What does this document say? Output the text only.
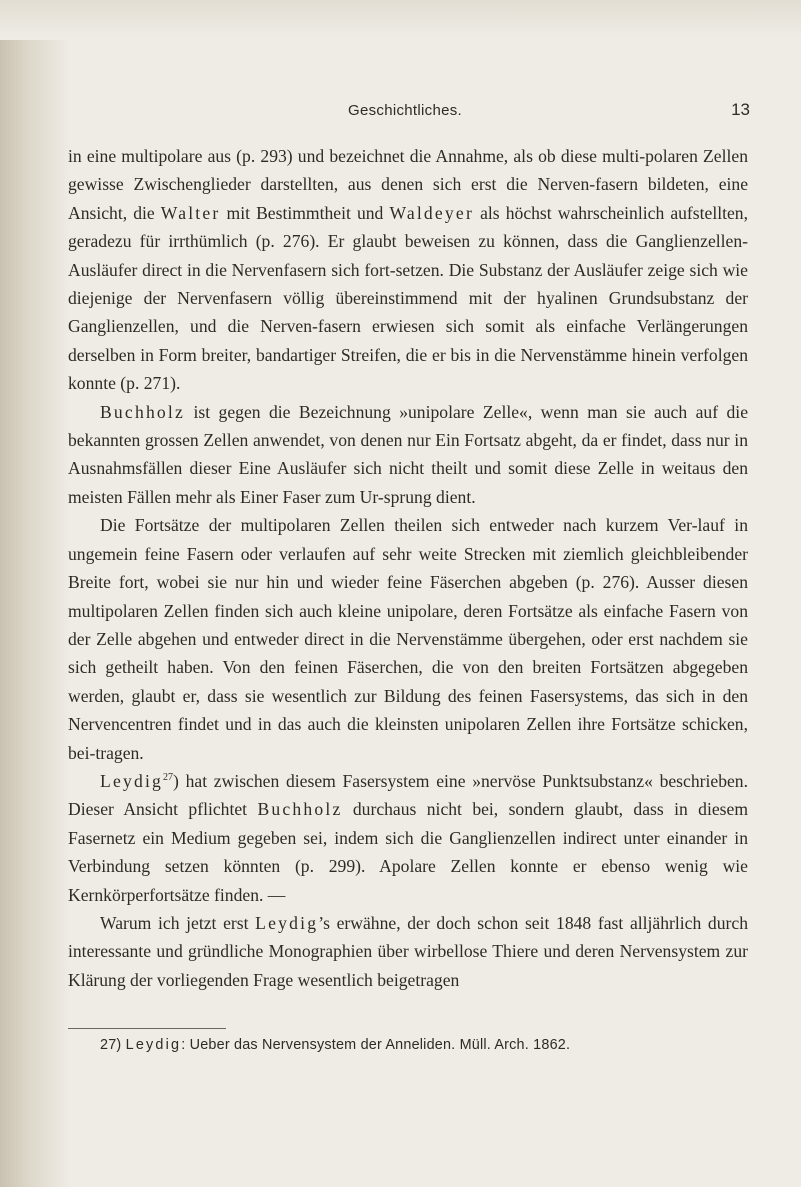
Geschichtliches.	13

in eine multipolare aus (p. 293) und bezeichnet die Annahme, als ob diese multi-polaren Zellen gewisse Zwischenglieder darstellten, aus denen sich erst die Nerven-fasern bildeten, eine Ansicht, die Walter mit Bestimmtheit und Waldeyer als höchst wahrscheinlich aufstellten, geradezu für irrthümlich (p. 276). Er glaubt beweisen zu können, dass die Ganglienzellen-Ausläufer direct in die Nervenfasern sich fort-setzen. Die Substanz der Ausläufer zeige sich wie diejenige der Nervenfasern völlig übereinstimmend mit der hyalinen Grundsubstanz der Ganglienzellen, und die Nerven-fasern erwiesen sich somit als einfache Verlängerungen derselben in Form breiter, bandartiger Streifen, die er bis in die Nervenstämme hinein verfolgen konnte (p. 271).

Buchholz ist gegen die Bezeichnung »unipolare Zelle«, wenn man sie auch auf die bekannten grossen Zellen anwendet, von denen nur Ein Fortsatz abgeht, da er findet, dass nur in Ausnahmsfällen dieser Eine Ausläufer sich nicht theilt und somit diese Zelle in weitaus den meisten Fällen mehr als Einer Faser zum Ur-sprung dient.

Die Fortsätze der multipolaren Zellen theilen sich entweder nach kurzem Ver-lauf in ungemein feine Fasern oder verlaufen auf sehr weite Strecken mit ziemlich gleichbleibender Breite fort, wobei sie nur hin und wieder feine Fäserchen abgeben (p. 276). Ausser diesen multipolaren Zellen finden sich auch kleine unipolare, deren Fortsätze als einfache Fasern von der Zelle abgehen und entweder direct in die Nervenstämme übergehen, oder erst nachdem sie sich getheilt haben. Von den feinen Fäserchen, die von den breiten Fortsätzen abgegeben werden, glaubt er, dass sie wesentlich zur Bildung des feinen Fasersystems, das sich in den Nervencentren findet und in das auch die kleinsten unipolaren Zellen ihre Fortsätze schicken, bei-tragen.

Leydig$^{27}$) hat zwischen diesem Fasersystem eine »nervöse Punktsubstanz« beschrieben. Dieser Ansicht pflichtet Buchholz durchaus nicht bei, sondern glaubt, dass in diesem Fasernetz ein Medium gegeben sei, indem sich die Ganglienzellen indirect unter einander in Verbindung setzen könnten (p. 299). Apolare Zellen konnte er ebenso wenig wie Kernkörperfortsätze finden. —

Warum ich jetzt erst Leydig’s erwähne, der doch schon seit 1848 fast alljährlich durch interessante und gründliche Monographien über wirbellose Thiere und deren Nervensystem zur Klärung der vorliegenden Frage wesentlich beigetragen

27) Leydig: Ueber das Nervensystem der Anneliden. Müll. Arch. 1862.
